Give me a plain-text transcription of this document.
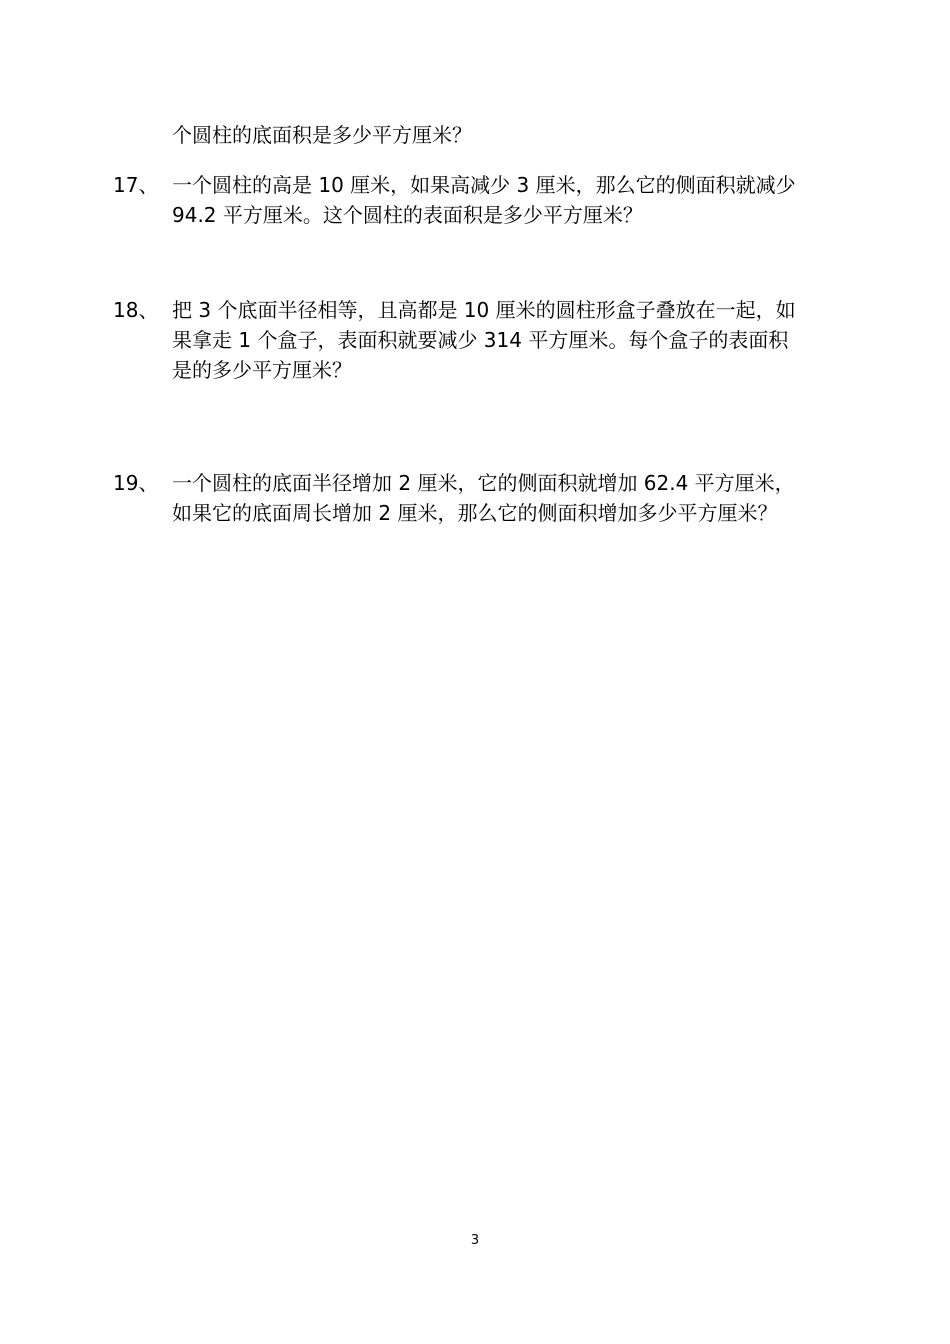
个圆柱的底面积是多少平方厘米？
17、 一个圆柱的高是 10 厘米，如果高减少 3 厘米，那么它的侧面积就减少
94.2 平方厘米。这个圆柱的表面积是多少平方厘米？
18、 把 3 个底面半径相等，且高都是 10 厘米的圆柱形盒子叠放在一起，如
果拿走 1 个盒子，表面积就要减少 314 平方厘米。每个盒子的表面积
是的多少平方厘米？
19、 一个圆柱的底面半径增加 2 厘米，它的侧面积就增加 62.4 平方厘米，
如果它的底面周长增加 2 厘米，那么它的侧面积增加多少平方厘米？
3
